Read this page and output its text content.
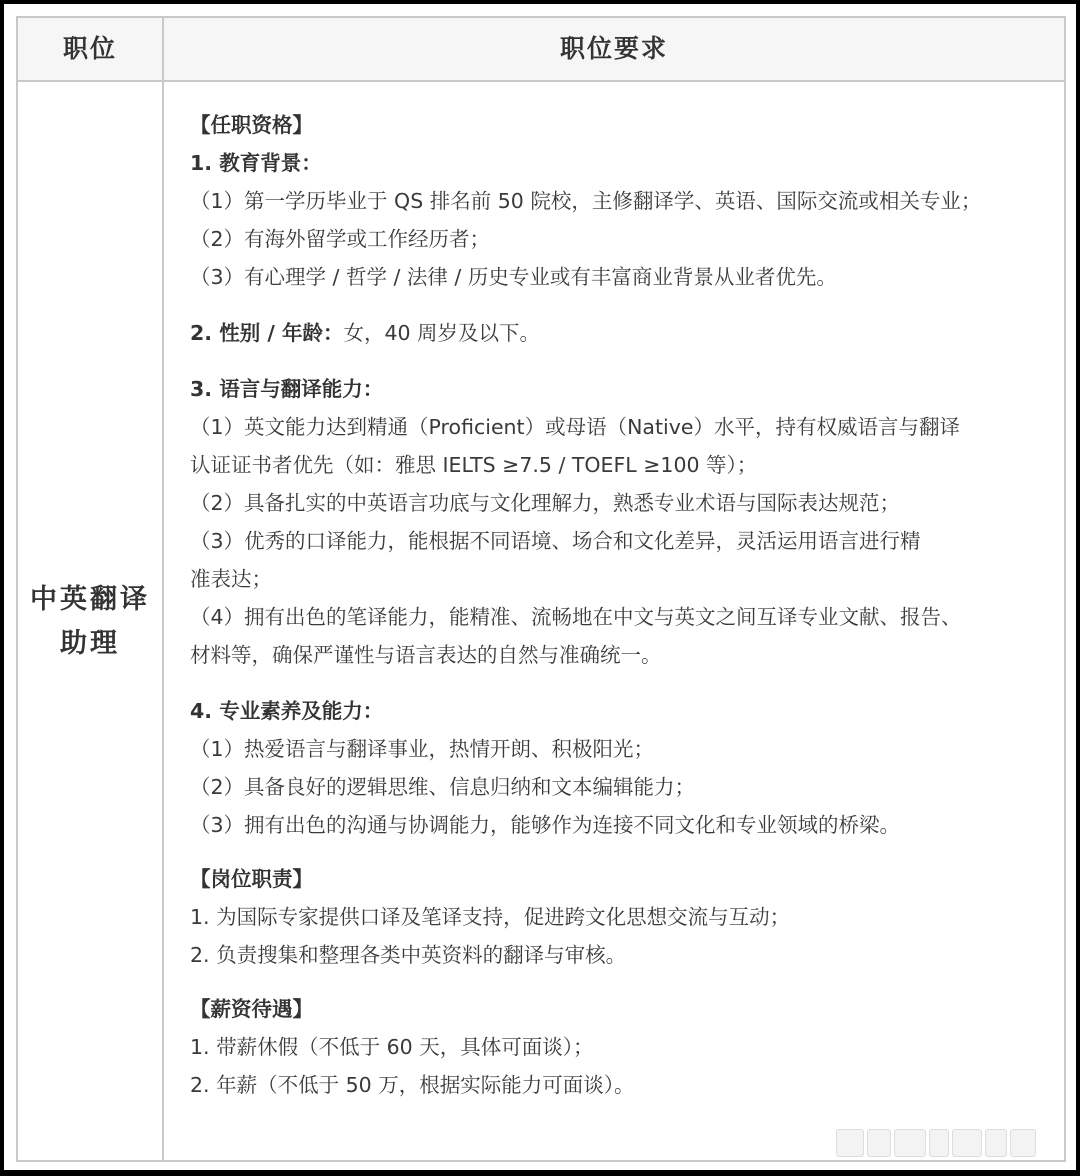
职位	职位要求
中英翻译
助理
【任职资格】
1. 教育背景：
（1）第一学历毕业于 QS 排名前 50 院校，主修翻译学、英语、国际交流或相关专业；
（2）有海外留学或工作经历者；
（3）有心理学 / 哲学 / 法律 / 历史专业或有丰富商业背景从业者优先。
2. 性别 / 年龄：女，40 周岁及以下。
3. 语言与翻译能力：
（1）英文能力达到精通（Proficient）或母语（Native）水平，持有权威语言与翻译
认证证书者优先（如：雅思 IELTS ≥7.5 / TOEFL ≥100 等）；
（2）具备扎实的中英语言功底与文化理解力，熟悉专业术语与国际表达规范；
（3）优秀的口译能力，能根据不同语境、场合和文化差异，灵活运用语言进行精
准表达；
（4）拥有出色的笔译能力，能精准、流畅地在中文与英文之间互译专业文献、报告、
材料等，确保严谨性与语言表达的自然与准确统一。
4. 专业素养及能力：
（1）热爱语言与翻译事业，热情开朗、积极阳光；
（2）具备良好的逻辑思维、信息归纳和文本编辑能力；
（3）拥有出色的沟通与协调能力，能够作为连接不同文化和专业领域的桥梁。
【岗位职责】
1. 为国际专家提供口译及笔译支持，促进跨文化思想交流与互动；
2. 负责搜集和整理各类中英资料的翻译与审核。
【薪资待遇】
1. 带薪休假（不低于 60 天，具体可面谈）；
2. 年薪（不低于 50 万，根据实际能力可面谈）。
